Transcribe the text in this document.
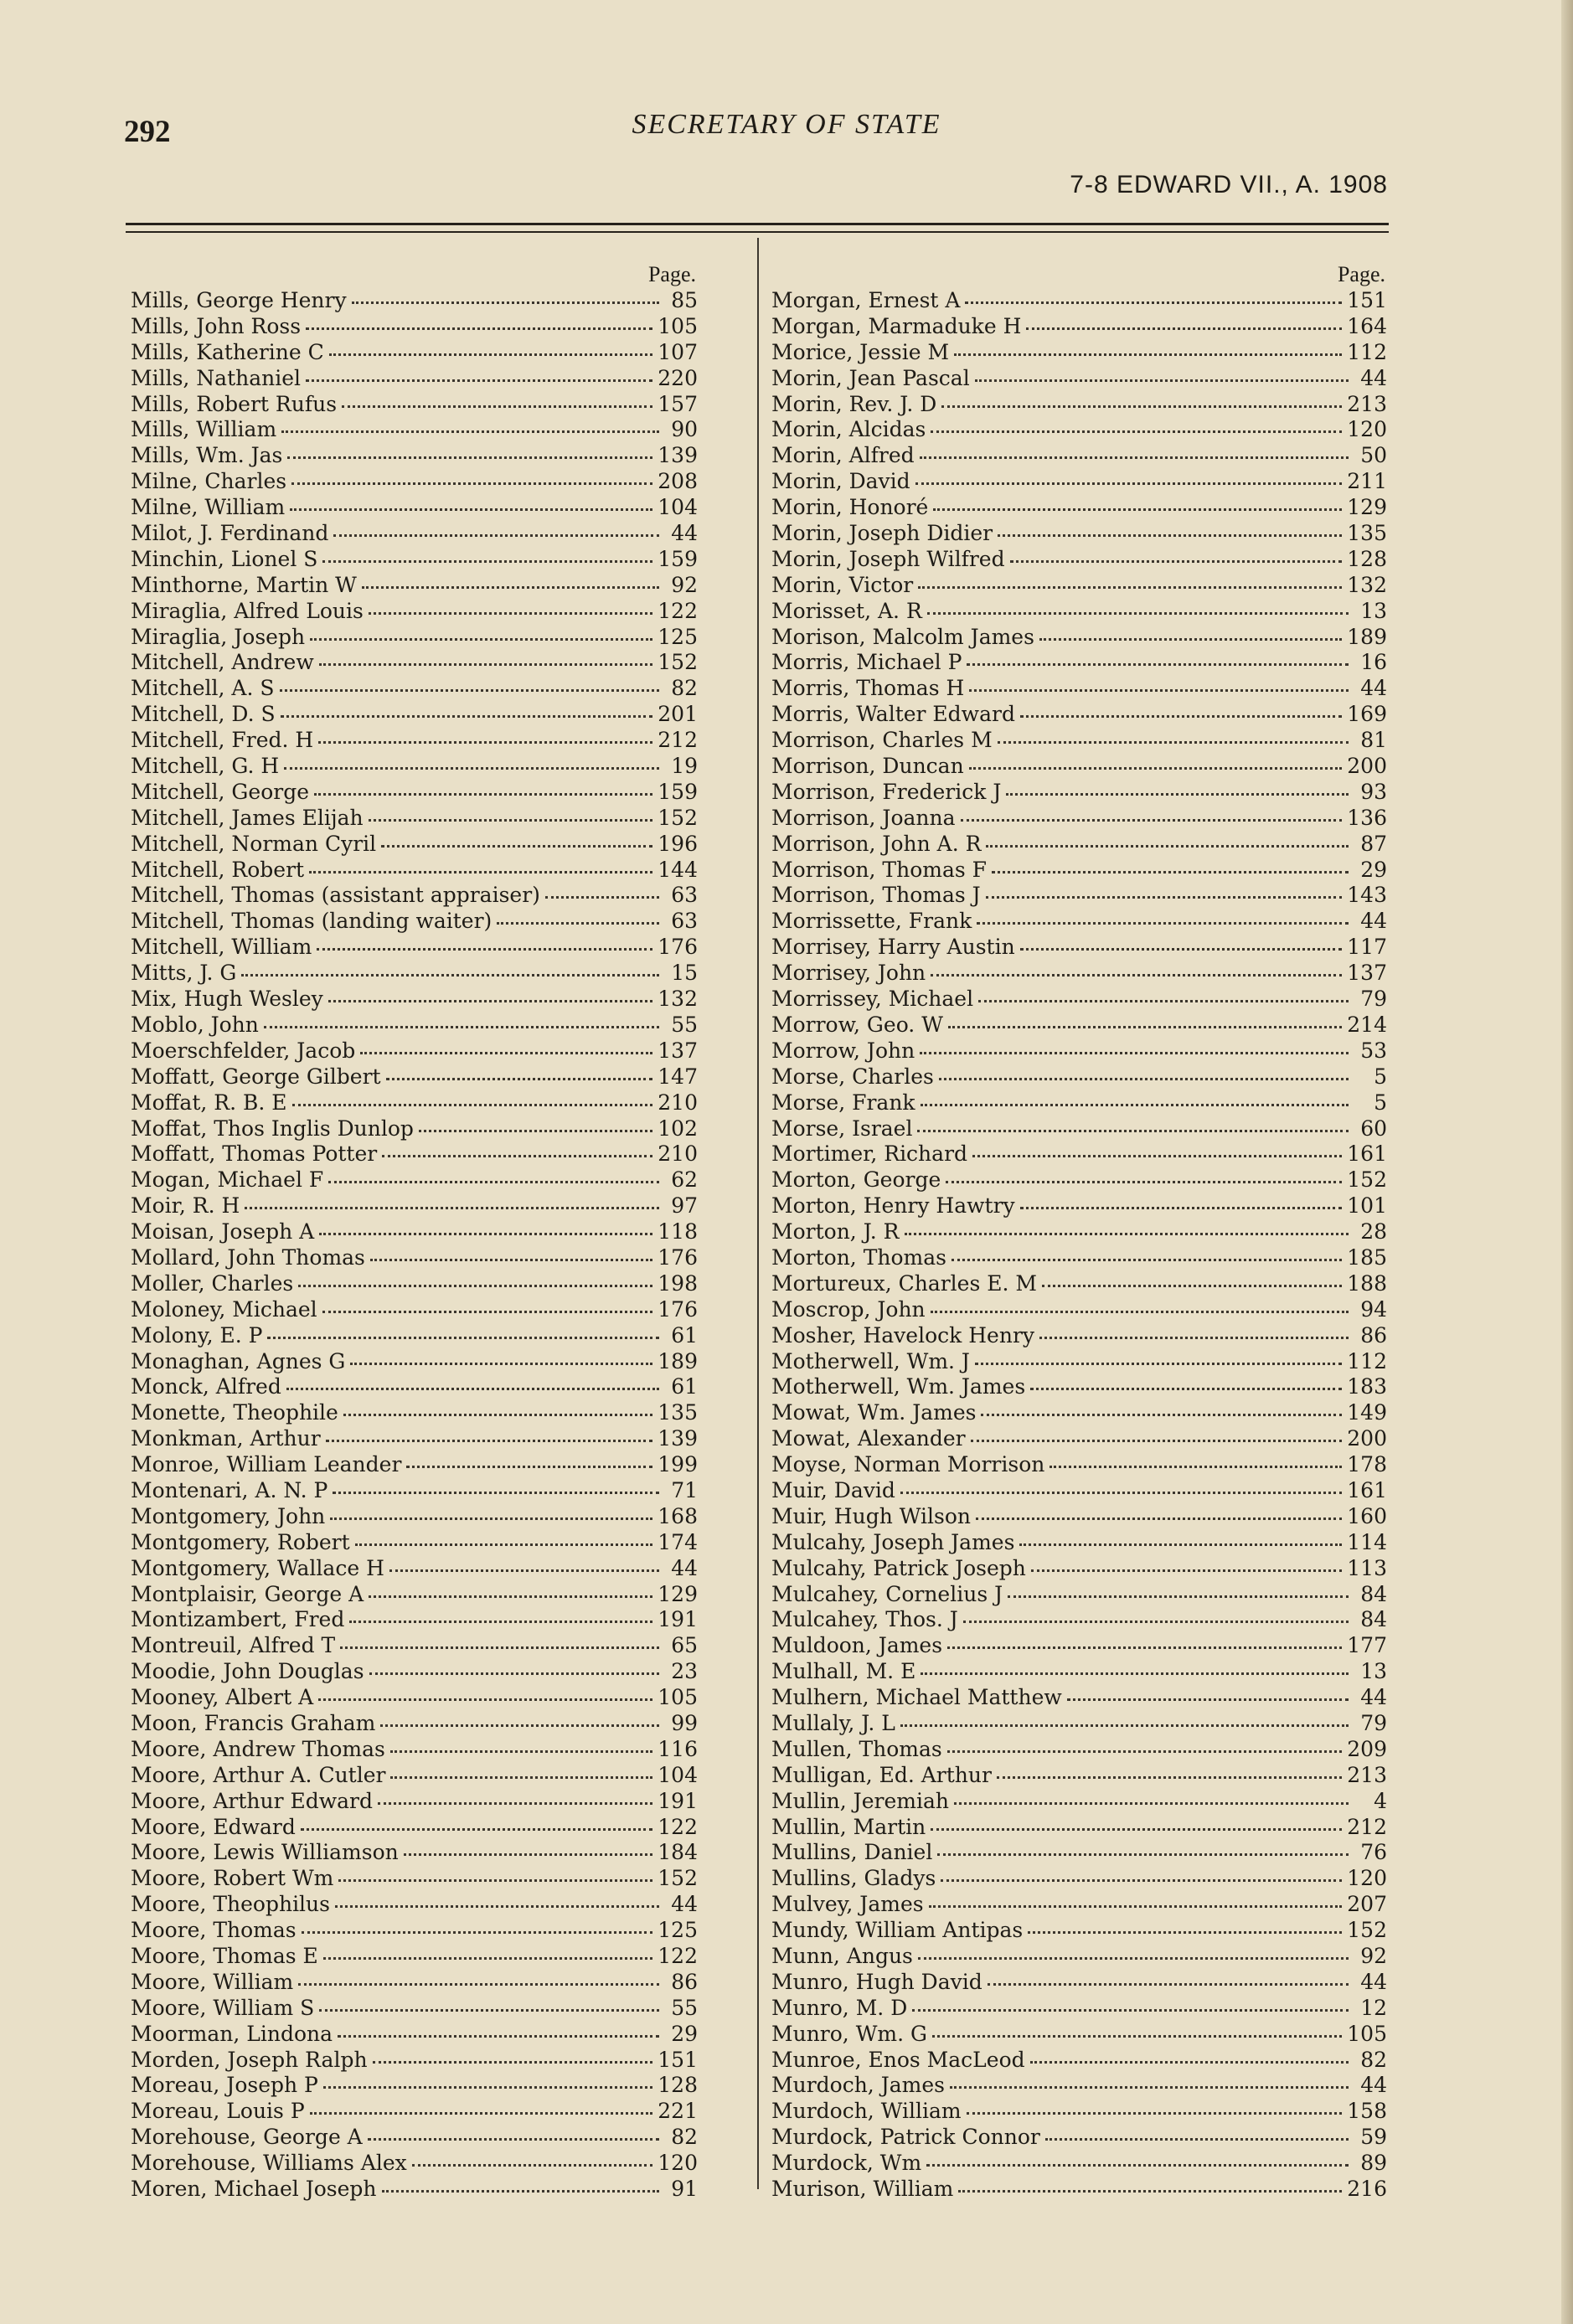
292	SECRETARY OF STATE
7-8 EDWARD VII., A. 1908
Page.
Mills, George Henry	85
Mills, John Ross	105
Mills, Katherine C	107
Mills, Nathaniel	220
Mills, Robert Rufus	157
Mills, William	90
Mills, Wm. Jas	139
Milne, Charles	208
Milne, William	104
Milot, J. Ferdinand	44
Minchin, Lionel S	159
Minthorne, Martin W	92
Miraglia, Alfred Louis	122
Miraglia, Joseph	125
Mitchell, Andrew	152
Mitchell, A. S	82
Mitchell, D. S	201
Mitchell, Fred. H	212
Mitchell, G. H	19
Mitchell, George	159
Mitchell, James Elijah	152
Mitchell, Norman Cyril	196
Mitchell, Robert	144
Mitchell, Thomas (assistant appraiser)	63
Mitchell, Thomas (landing waiter)	63
Mitchell, William	176
Mitts, J. G	15
Mix, Hugh Wesley	132
Moblo, John	55
Moerschfelder, Jacob	137
Moffatt, George Gilbert	147
Moffat, R. B. E	210
Moffat, Thos Inglis Dunlop	102
Moffatt, Thomas Potter	210
Mogan, Michael F	62
Moir, R. H	97
Moisan, Joseph A	118
Mollard, John Thomas	176
Moller, Charles	198
Moloney, Michael	176
Molony, E. P	61
Monaghan, Agnes G	189
Monck, Alfred	61
Monette, Theophile	135
Monkman, Arthur	139
Monroe, William Leander	199
Montenari, A. N. P	71
Montgomery, John	168
Montgomery, Robert	174
Montgomery, Wallace H	44
Montplaisir, George A	129
Montizambert, Fred	191
Montreuil, Alfred T	65
Moodie, John Douglas	23
Mooney, Albert A	105
Moon, Francis Graham	99
Moore, Andrew Thomas	116
Moore, Arthur A. Cutler	104
Moore, Arthur Edward	191
Moore, Edward	122
Moore, Lewis Williamson	184
Moore, Robert Wm	152
Moore, Theophilus	44
Moore, Thomas	125
Moore, Thomas E	122
Moore, William	86
Moore, William S	55
Moorman, Lindona	29
Morden, Joseph Ralph	151
Moreau, Joseph P	128
Moreau, Louis P	221
Morehouse, George A	82
Morehouse, Williams Alex	120
Moren, Michael Joseph	91
Page.
Morgan, Ernest A	151
Morgan, Marmaduke H	164
Morice, Jessie M	112
Morin, Jean Pascal	44
Morin, Rev. J. D	213
Morin, Alcidas	120
Morin, Alfred	50
Morin, David	211
Morin, Honoré	129
Morin, Joseph Didier	135
Morin, Joseph Wilfred	128
Morin, Victor	132
Morisset, A. R	13
Morison, Malcolm James	189
Morris, Michael P	16
Morris, Thomas H	44
Morris, Walter Edward	169
Morrison, Charles M	81
Morrison, Duncan	200
Morrison, Frederick J	93
Morrison, Joanna	136
Morrison, John A. R	87
Morrison, Thomas F	29
Morrison, Thomas J	143
Morrissette, Frank	44
Morrisey, Harry Austin	117
Morrisey, John	137
Morrissey, Michael	79
Morrow, Geo. W	214
Morrow, John	53
Morse, Charles	5
Morse, Frank	5
Morse, Israel	60
Mortimer, Richard	161
Morton, George	152
Morton, Henry Hawtry	101
Morton, J. R	28
Morton, Thomas	185
Mortureux, Charles E. M	188
Moscrop, John	94
Mosher, Havelock Henry	86
Motherwell, Wm. J	112
Motherwell, Wm. James	183
Mowat, Wm. James	149
Mowat, Alexander	200
Moyse, Norman Morrison	178
Muir, David	161
Muir, Hugh Wilson	160
Mulcahy, Joseph James	114
Mulcahy, Patrick Joseph	113
Mulcahey, Cornelius J	84
Mulcahey, Thos. J	84
Muldoon, James	177
Mulhall, M. E	13
Mulhern, Michael Matthew	44
Mullaly, J. L	79
Mullen, Thomas	209
Mulligan, Ed. Arthur	213
Mullin, Jeremiah	4
Mullin, Martin	212
Mullins, Daniel	76
Mullins, Gladys	120
Mulvey, James	207
Mundy, William Antipas	152
Munn, Angus	92
Munro, Hugh David	44
Munro, M. D	12
Munro, Wm. G	105
Munroe, Enos MacLeod	82
Murdoch, James	44
Murdoch, William	158
Murdock, Patrick Connor	59
Murdock, Wm	89
Murison, William	216
